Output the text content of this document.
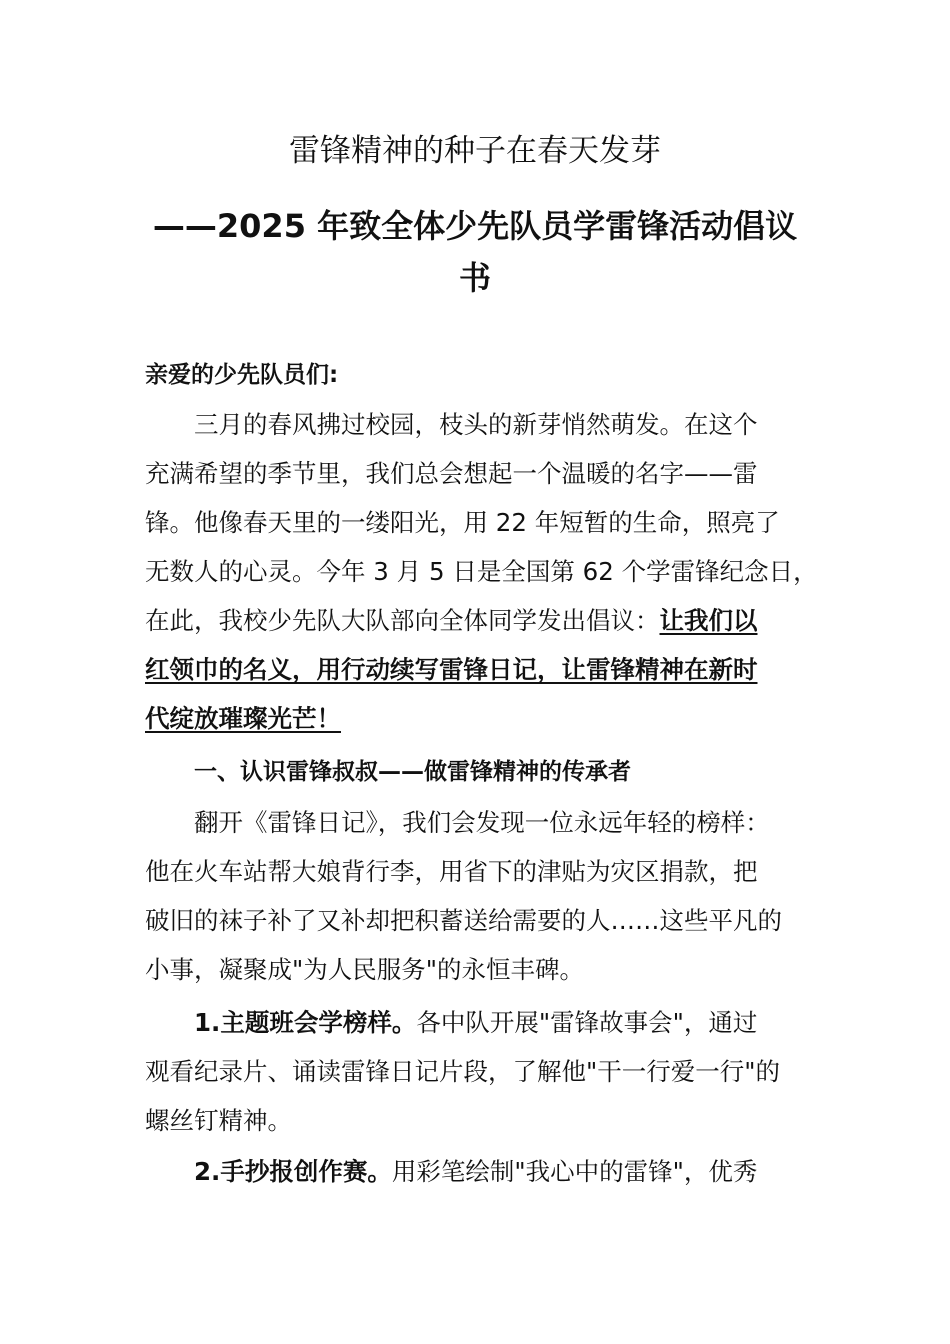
雷锋精神的种子在春天发芽
——2025 年致全体少先队员学雷锋活动倡议
书
亲爱的少先队员们:
三月的春风拂过校园，枝头的新芽悄然萌发。在这个
充满希望的季节里，我们总会想起一个温暖的名字——雷
锋。他像春天里的一缕阳光，用 22 年短暂的生命，照亮了
无数人的心灵。今年 3 月 5 日是全国第 62 个学雷锋纪念日，
在此，我校少先队大队部向全体同学发出倡议：让我们以
红领巾的名义，用行动续写雷锋日记，让雷锋精神在新时
代绽放璀璨光芒！
一、认识雷锋叔叔——做雷锋精神的传承者
翻开《雷锋日记》，我们会发现一位永远年轻的榜样：
他在火车站帮大娘背行李，用省下的津贴为灾区捐款，把
破旧的袜子补了又补却把积蓄送给需要的人……这些平凡的
小事，凝聚成"为人民服务"的永恒丰碑。
1.主题班会学榜样。各中队开展"雷锋故事会"，通过
观看纪录片、诵读雷锋日记片段，了解他"干一行爱一行"的
螺丝钉精神。
2.手抄报创作赛。用彩笔绘制"我心中的雷锋"，优秀
